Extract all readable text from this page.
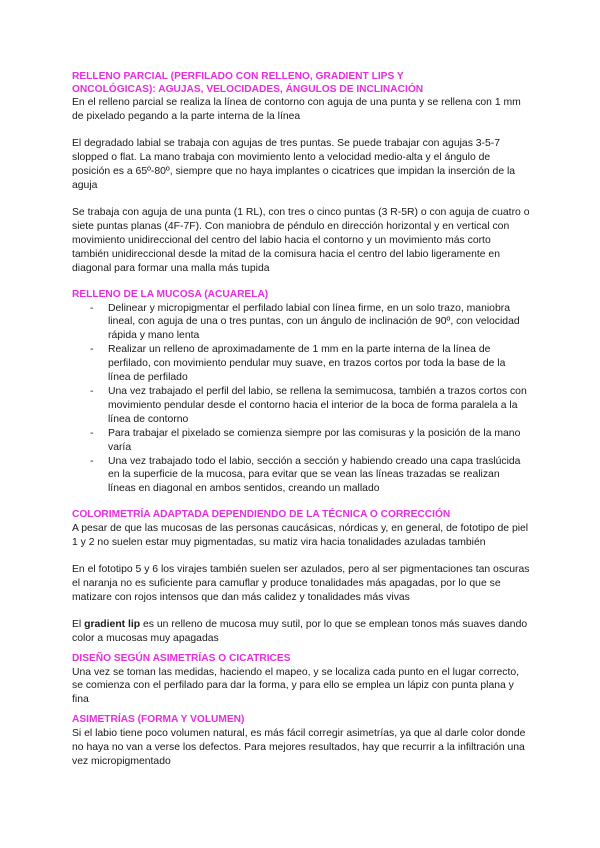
RELLENO PARCIAL (PERFILADO CON RELLENO, GRADIENT LIPS Y
ONCOLÓGICAS): AGUJAS, VELOCIDADES, ÁNGULOS DE INCLINACIÓN

En el relleno parcial se realiza la línea de contorno con aguja de una punta y se rellena con 1 mm de pixelado pegando a la parte interna de la línea

El degradado labial se trabaja con agujas de tres puntas. Se puede trabajar con agujas 3-5-7 slopped o flat. La mano trabaja con movimiento lento a velocidad medio-alta y el ángulo de posición es a 65º-80º, siempre que no haya implantes o cicatrices que impidan la inserción de la aguja

Se trabaja con aguja de una punta (1 RL), con tres o cinco puntas (3 R-5R) o con aguja de cuatro o siete puntas planas (4F-7F). Con maniobra de péndulo en dirección horizontal y en vertical con movimiento unidireccional del centro del labio hacia el contorno y un movimiento más corto también unidireccional desde la mitad de la comisura hacia el centro del labio ligeramente en diagonal para formar una malla más tupida

RELLENO DE LA MUCOSA (ACUARELA)
- Delinear y micropigmentar el perfilado labial con línea firme, en un solo trazo, maniobra lineal, con aguja de una o tres puntas, con un ángulo de inclinación de 90º, con velocidad rápida y mano lenta
- Realizar un relleno de aproximadamente de 1 mm en la parte interna de la línea de perfilado, con movimiento pendular muy suave, en trazos cortos por toda la base de la línea de perfilado
- Una vez trabajado el perfil del labio, se rellena la semimucosa, también a trazos cortos con movimiento pendular desde el contorno hacia el interior de la boca de forma paralela a la línea de contorno
- Para trabajar el pixelado se comienza siempre por las comisuras y la posición de la mano varía
- Una vez trabajado todo el labio, sección a sección y habiendo creado una capa traslúcida en la superficie de la mucosa, para evitar que se vean las líneas trazadas se realizan líneas en diagonal en ambos sentidos, creando un mallado
COLORIMETRÍA ADAPTADA DEPENDIENDO DE LA TÉCNICA O CORRECCIÓN

A pesar de que las mucosas de las personas caucásicas, nórdicas y, en general, de fototipo de piel 1 y 2 no suelen estar muy pigmentadas, su matiz vira hacia tonalidades azuladas también

En el fototipo 5 y 6 los virajes también suelen ser azulados, pero al ser pigmentaciones tan oscuras el naranja no es suficiente para camuflar y produce tonalidades más apagadas, por lo que se matizare con rojos intensos que dan más calidez y tonalidades más vivas

El gradient lip es un relleno de mucosa muy sutil, por lo que se emplean tonos más suaves dando color a mucosas muy apagadas

DISEÑO SEGÚN ASIMETRÍAS O CICATRICES

Una vez se toman las medidas, haciendo el mapeo, y se localiza cada punto en el lugar correcto, se comienza con el perfilado para dar la forma, y para ello se emplea un lápiz con punta plana y fina

ASIMETRÍAS (FORMA Y VOLUMEN)

Si el labio tiene poco volumen natural, es más fácil corregir asimetrías, ya que al darle color donde no haya no van a verse los defectos. Para mejores resultados, hay que recurrir a la infiltración una vez micropigmentado
